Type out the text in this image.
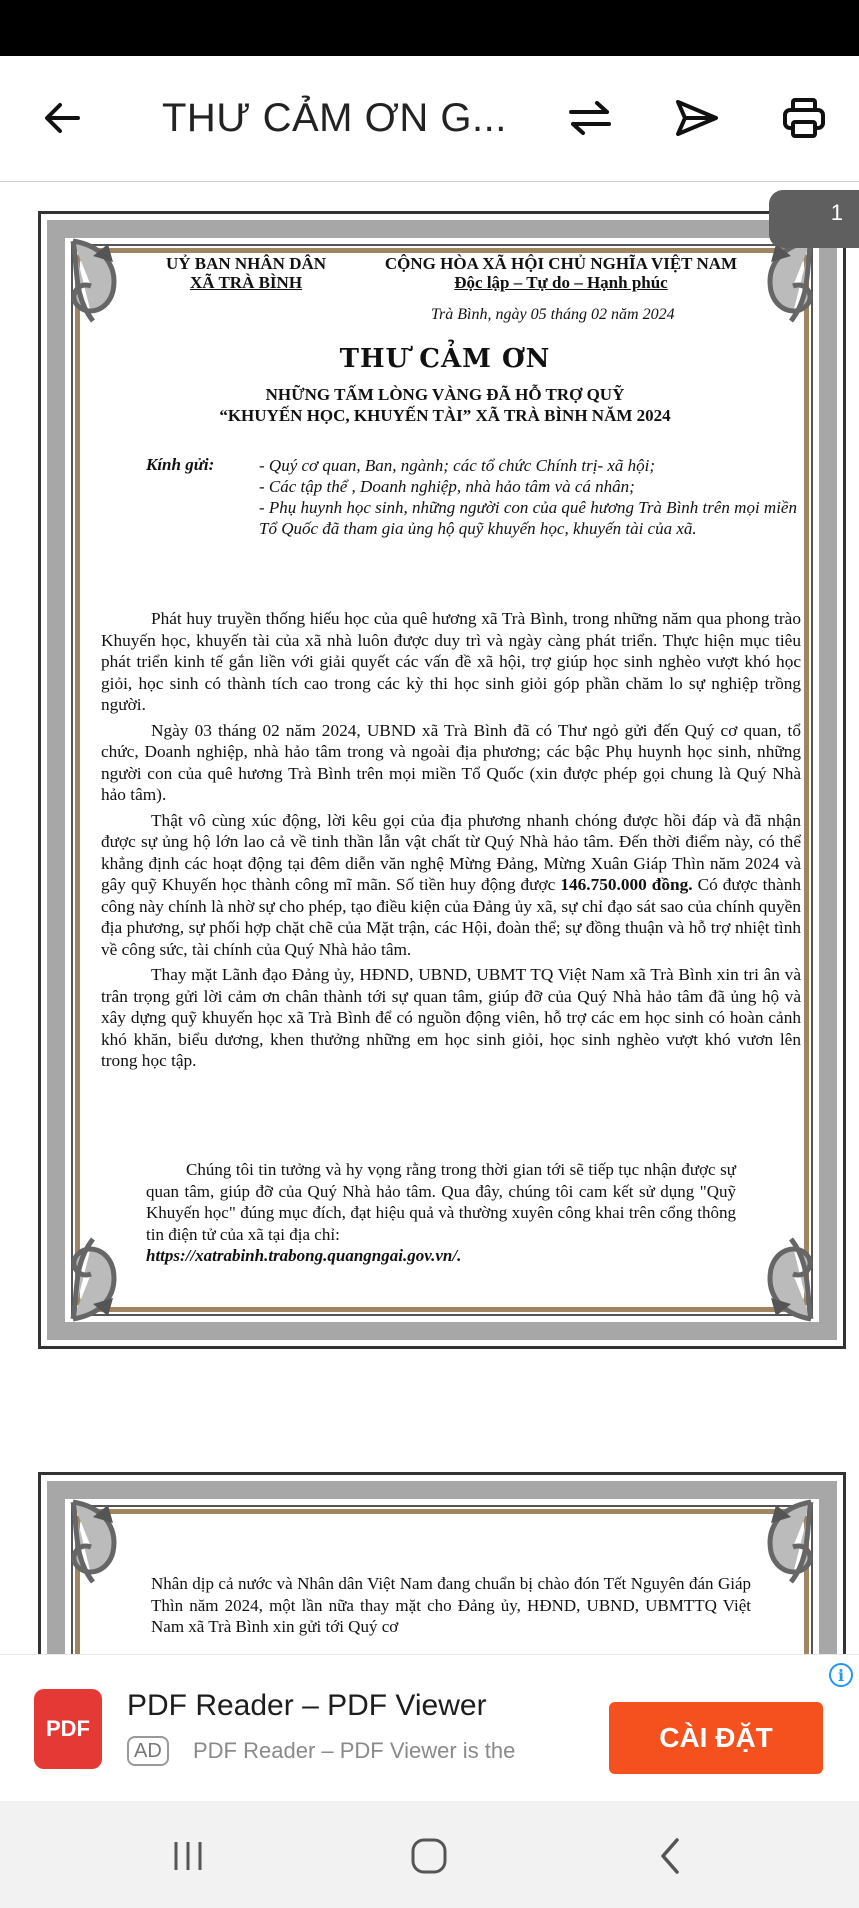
THƯ CẢM ƠN G...

UỶ BAN NHÂN DÂN

XÃ TRÀ BÌNH

CỘNG HÒA XÃ HỘI CHỦ NGHĨA VIỆT NAM

Độc lập – Tự do – Hạnh phúc

Trà Bình, ngày 05 tháng 02 năm 2024
THƯ CẢM ƠN

NHỮNG TẤM LÒNG VÀNG ĐÃ HỖ TRỢ QUỸ

“KHUYẾN HỌC, KHUYẾN TÀI” XÃ TRÀ BÌNH NĂM 2024

Kính gửi:	- Quý cơ quan, Ban, ngành; các tổ chức Chính trị- xã hội;

- Các tập thể , Doanh nghiệp, nhà hảo tâm và cá nhân;

- Phụ huynh học sinh, những người con của quê hương Trà Bình trên mọi miền Tổ Quốc đã tham gia ủng hộ quỹ khuyến học, khuyến tài của xã.

Phát huy truyền thống hiếu học của quê hương xã Trà Bình, trong những năm qua phong trào Khuyến học, khuyến tài của xã nhà luôn được duy trì và ngày càng phát triển. Thực hiện mục tiêu phát triển kinh tế gắn liền với giải quyết các vấn đề xã hội, trợ giúp học sinh nghèo vượt khó học giỏi, học sinh có thành tích cao trong các kỳ thi học sinh giỏi góp phần chăm lo sự nghiệp trồng người.

Ngày 03 tháng 02 năm 2024, UBND xã Trà Bình đã có Thư ngỏ gửi đến Quý cơ quan, tổ chức, Doanh nghiệp, nhà hảo tâm trong và ngoài địa phương; các bậc Phụ huynh học sinh, những người con của quê hương Trà Bình trên mọi miền Tổ Quốc (xin được phép gọi chung là Quý Nhà hảo tâm).

Thật vô cùng xúc động, lời kêu gọi của địa phương nhanh chóng được hồi đáp và đã nhận được sự ủng hộ lớn lao cả về tinh thần lẫn vật chất từ Quý Nhà hảo tâm. Đến thời điểm này, có thể khẳng định các hoạt động tại đêm diễn văn nghệ Mừng Đảng, Mừng Xuân Giáp Thìn năm 2024 và gây quỹ Khuyến học thành công mĩ mãn. Số tiền huy động được 146.750.000 đồng. Có được thành công này chính là nhờ sự cho phép, tạo điều kiện của Đảng ủy xã, sự chỉ đạo sát sao của chính quyền địa phương, sự phối hợp chặt chẽ của Mặt trận, các Hội, đoàn thể; sự đồng thuận và hỗ trợ nhiệt tình về công sức, tài chính của Quý Nhà hảo tâm.

Thay mặt Lãnh đạo Đảng ủy, HĐND, UBND, UBMT TQ Việt Nam xã Trà Bình xin tri ân và trân trọng gửi lời cảm ơn chân thành tới sự quan tâm, giúp đỡ của Quý Nhà hảo tâm đã ủng hộ và xây dựng quỹ khuyến học xã Trà Bình để có nguồn động viên, hỗ trợ các em học sinh có hoàn cảnh khó khăn, biểu dương, khen thưởng những em học sinh giỏi, học sinh nghèo vượt khó vươn lên trong học tập.

Chúng tôi tin tưởng và hy vọng rằng trong thời gian tới sẽ tiếp tục nhận được sự quan tâm, giúp đỡ của Quý Nhà hảo tâm. Qua đây, chúng tôi cam kết sử dụng "Quỹ Khuyến học" đúng mục đích, đạt hiệu quả và thường xuyên công khai trên cổng thông tin điện tử của xã tại địa chỉ:

https://xatrabinh.trabong.quangngai.gov.vn/.

1
Nhân dịp cả nước và Nhân dân Việt Nam đang chuẩn bị chào đón Tết Nguyên đán Giáp Thìn năm 2024, một lần nữa thay mặt cho Đảng ủy, HĐND, UBND, UBMTTQ Việt Nam xã Trà Bình xin gửi tới Quý cơ
i
PDF
PDF Reader – PDF Viewer
AD	PDF Reader – PDF Viewer is the	CÀI ĐẶT
